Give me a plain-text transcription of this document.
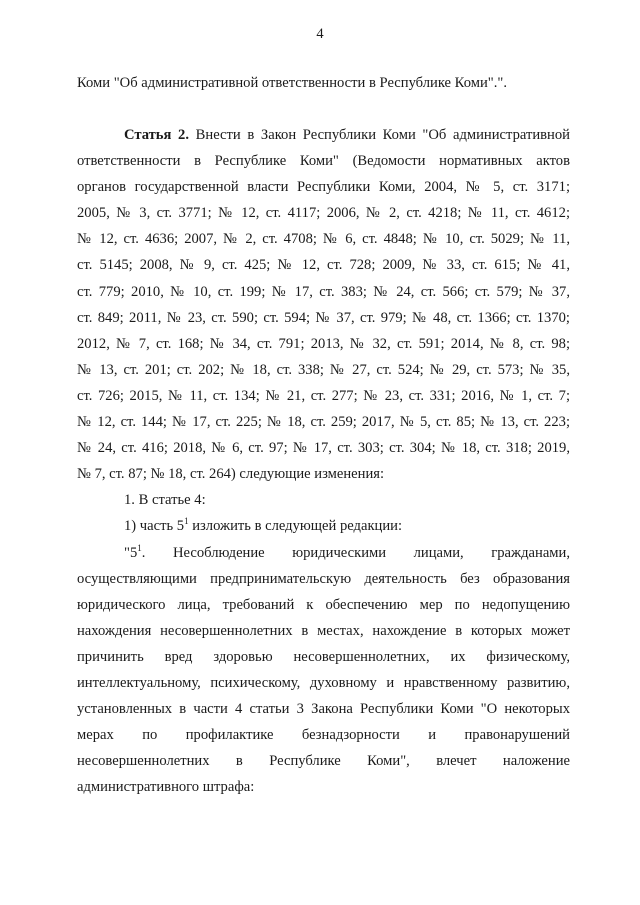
4

Коми "Об административной ответственности в Республике Коми".".

Статья 2. Внести в Закон Республики Коми "Об административной

ответственности в Республике Коми" (Ведомости нормативных актов

органов государственной власти Республики Коми, 2004, № 5, ст. 3171;

2005, № 3, ст. 3771; № 12, ст. 4117; 2006, № 2, ст. 4218; № 11, ст. 4612;

№ 12, ст. 4636; 2007, № 2, ст. 4708; № 6, ст. 4848; № 10, ст. 5029; № 11,

ст. 5145; 2008, № 9, ст. 425; № 12, ст. 728; 2009, № 33, ст. 615; № 41,

ст. 779; 2010, № 10, ст. 199; № 17, ст. 383; № 24, ст. 566; ст. 579; № 37,

ст. 849; 2011, № 23, ст. 590; ст. 594; № 37, ст. 979; № 48, ст. 1366; ст. 1370;

2012, № 7, ст. 168; № 34, ст. 791; 2013, № 32, ст. 591; 2014, № 8, ст. 98;

№ 13, ст. 201; ст. 202; № 18, ст. 338; № 27, ст. 524; № 29, ст. 573; № 35,

ст. 726; 2015, № 11, ст. 134; № 21, ст. 277; № 23, ст. 331; 2016, № 1, ст. 7;

№ 12, ст. 144; № 17, ст. 225; № 18, ст. 259; 2017, № 5, ст. 85; № 13, ст. 223;

№ 24, ст. 416; 2018, № 6, ст. 97; № 17, ст. 303; ст. 304; № 18, ст. 318; 2019,

№ 7, ст. 87; № 18, ст. 264) следующие изменения:

1. В статье 4:

1) часть $5^1$ изложить в следующей редакции:

"$5^1$. Несоблюдение юридическими лицами, гражданами,

осуществляющими предпринимательскую деятельность без образования

юридического лица, требований к обеспечению мер по недопущению

нахождения несовершеннолетних в местах, нахождение в которых может

причинить вред здоровью несовершеннолетних, их физическому,

интеллектуальному, психическому, духовному и нравственному развитию,

установленных в части 4 статьи 3 Закона Республики Коми "О некоторых

мерах по профилактике безнадзорности и правонарушений

несовершеннолетних в Республике Коми", влечет наложение

административного штрафа:
